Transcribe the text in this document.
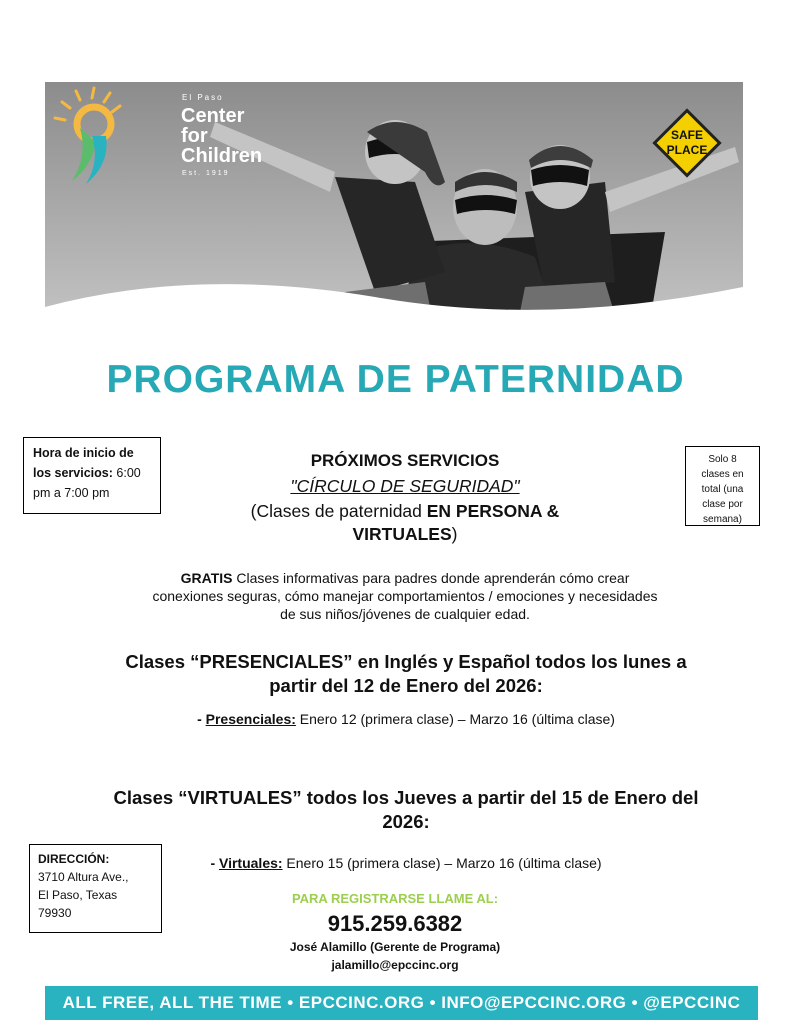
El Paso
Center
for
Children
Est. 1919
SAFE
PLACE
PROGRAMA DE PATERNIDAD
Hora de inicio de los servicios: 6:00 pm a 7:00 pm
Solo 8 clases en total (una clase por semana)
PRÓXIMOS SERVICIOS
"CÍRCULO DE SEGURIDAD"
(Clases de paternidad EN PERSONA & VIRTUALES)
GRATIS Clases informativas para padres donde aprenderán cómo crear conexiones seguras, cómo manejar comportamientos / emociones y necesidades de sus niños/jóvenes de cualquier edad.
Clases “PRESENCIALES” en Inglés y Español todos los lunes a partir del 12 de Enero del 2026:
- Presenciales: Enero 12 (primera clase) – Marzo 16 (última clase)
Clases “VIRTUALES” todos los Jueves a partir del 15 de Enero del 2026:
- Virtuales: Enero 15 (primera clase) – Marzo 16 (última clase)
DIRECCIÓN:
3710 Altura Ave.,
El Paso, Texas
79930
PARA REGISTRARSE LLAME AL:
915.259.6382
José Alamillo (Gerente de Programa)
jalamillo@epccinc.org
ALL FREE, ALL THE TIME • EPCCINC.ORG • INFO@EPCCINC.ORG • @EPCCINC
